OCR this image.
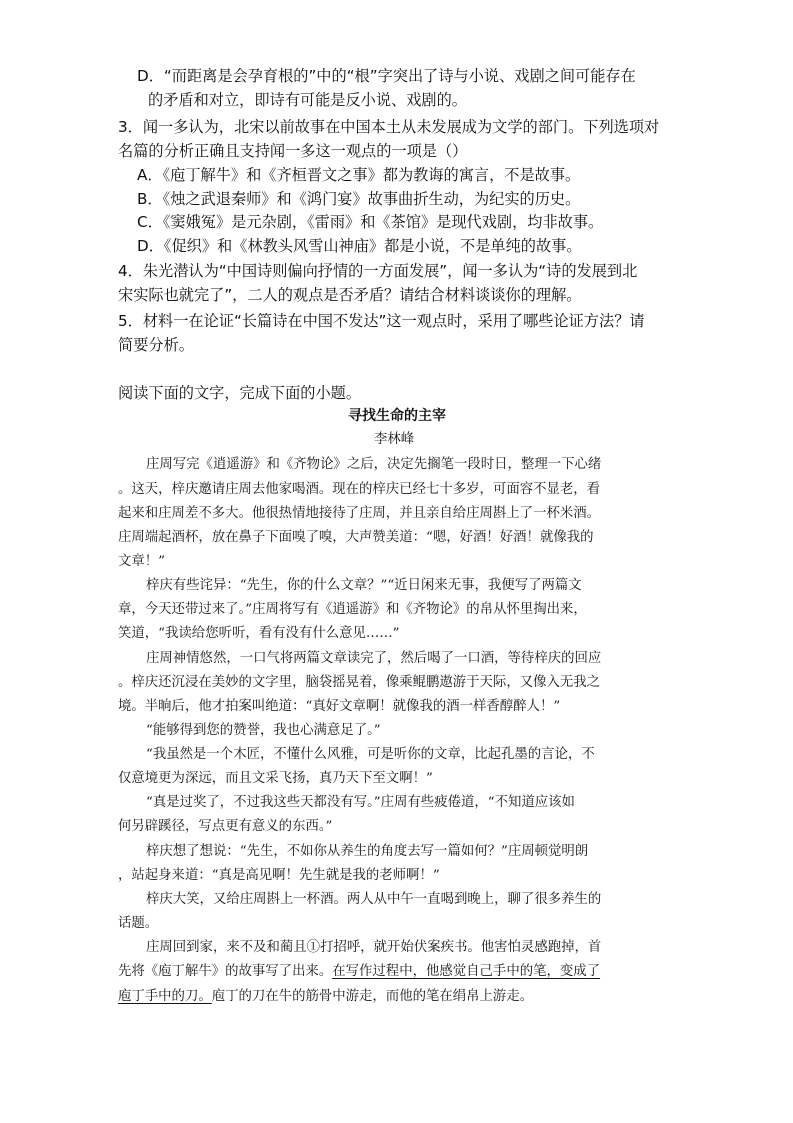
D．“而距离是会孕育根的”中的“根”字突出了诗与小说、戏剧之间可能存在
的矛盾和对立，即诗有可能是反小说、戏剧的。
3．闻一多认为，北宋以前故事在中国本土从未发展成为文学的部门。下列选项对
名篇的分析正确且支持闻一多这一观点的一项是（）
A．《庖丁解牛》和《齐桓晋文之事》都为教诲的寓言，不是故事。
B．《烛之武退秦师》和《鸿门宴》故事曲折生动，为纪实的历史。
C．《窦娥冤》是元杂剧，《雷雨》和《茶馆》是现代戏剧，均非故事。
D．《促织》和《林教头风雪山神庙》都是小说，不是单纯的故事。
4．朱光潜认为“中国诗则偏向抒情的一方面发展”，闻一多认为“诗的发展到北
宋实际也就完了”，二人的观点是否矛盾？请结合材料谈谈你的理解。
5．材料一在论证“长篇诗在中国不发达”这一观点时，采用了哪些论证方法？请
简要分析。
阅读下面的文字，完成下面的小题。
寻找生命的主宰
李林峰
庄周写完《逍遥游》和《齐物论》之后，决定先搁笔一段时日，整理一下心绪
。这天，梓庆邀请庄周去他家喝酒。现在的梓庆已经七十多岁，可面容不显老，看
起来和庄周差不多大。他很热情地接待了庄周，并且亲自给庄周斟上了一杯米酒。
庄周端起酒杯，放在鼻子下面嗅了嗅，大声赞美道：“嗯，好酒！好酒！就像我的
文章！”
梓庆有些诧异：“先生，你的什么文章？”“近日闲来无事，我便写了两篇文
章，今天还带过来了。”庄周将写有《逍遥游》和《齐物论》的帛从怀里掏出来，
笑道，“我读给您听听，看有没有什么意见……”
庄周神情悠然，一口气将两篇文章读完了，然后喝了一口酒，等待梓庆的回应
。梓庆还沉浸在美妙的文字里，脑袋摇晃着，像乘鲲鹏遨游于天际，又像入无我之
境。半晌后，他才拍案叫绝道：“真好文章啊！就像我的酒一样香醇醉人！”
“能够得到您的赞誉，我也心满意足了。”
“我虽然是一个木匠，不懂什么风雅，可是听你的文章，比起孔墨的言论，不
仅意境更为深远，而且文采飞扬，真乃天下至文啊！”
“真是过奖了，不过我这些天都没有写。”庄周有些疲倦道，“不知道应该如
何另辟蹊径，写点更有意义的东西。”
梓庆想了想说：“先生，不如你从养生的角度去写一篇如何？”庄周顿觉明朗
，站起身来道：“真是高见啊！先生就是我的老师啊！”
梓庆大笑，又给庄周斟上一杯酒。两人从中午一直喝到晚上，聊了很多养生的
话题。
庄周回到家，来不及和蔺且①打招呼，就开始伏案疾书。他害怕灵感跑掉，首
先将《庖丁解牛》的故事写了出来。在写作过程中，他感觉自己手中的笔，变成了
庖丁手中的刀。庖丁的刀在牛的筋骨中游走，而他的笔在绢帛上游走。
